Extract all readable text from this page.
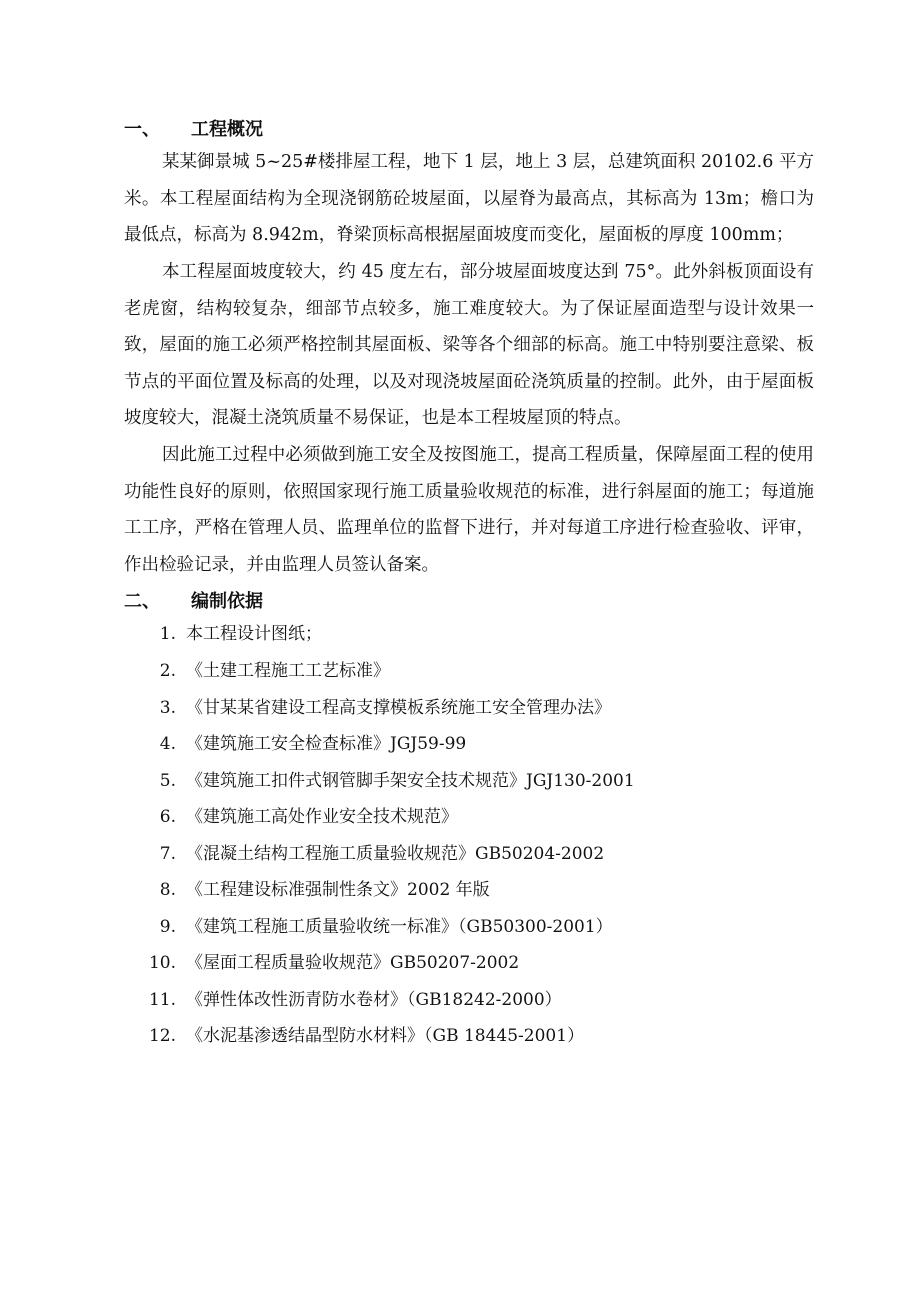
一、 工程概况

某某御景城 5~25#楼排屋工程，地下 1 层，地上 3 层，总建筑面积 20102.6 平方米。本工程屋面结构为全现浇钢筋砼坡屋面，以屋脊为最高点，其标高为 13m；檐口为最低点，标高为 8.942m，脊梁顶标高根据屋面坡度而变化，屋面板的厚度 100mm；

本工程屋面坡度较大，约 45 度左右，部分坡屋面坡度达到 75°。此外斜板顶面设有老虎窗，结构较复杂，细部节点较多，施工难度较大。为了保证屋面造型与设计效果一致，屋面的施工必须严格控制其屋面板、梁等各个细部的标高。施工中特别要注意梁、板节点的平面位置及标高的处理，以及对现浇坡屋面砼浇筑质量的控制。此外，由于屋面板坡度较大，混凝土浇筑质量不易保证，也是本工程坡屋顶的特点。

因此施工过程中必须做到施工安全及按图施工，提高工程质量，保障屋面工程的使用功能性良好的原则，依照国家现行施工质量验收规范的标准，进行斜屋面的施工；每道施工工序，严格在管理人员、监理单位的监督下进行，并对每道工序进行检查验收、评审，作出检验记录，并由监理人员签认备案。

二、 编制依据
1. 本工程设计图纸；
2. 《土建工程施工工艺标准》
3. 《甘某某省建设工程高支撑模板系统施工安全管理办法》
4. 《建筑施工安全检查标准》JGJ59-99
5. 《建筑施工扣件式钢管脚手架安全技术规范》JGJ130-2001
6. 《建筑施工高处作业安全技术规范》
7. 《混凝土结构工程施工质量验收规范》GB50204-2002
8. 《工程建设标准强制性条文》2002 年版
9. 《建筑工程施工质量验收统一标准》（GB50300-2001）
10. 《屋面工程质量验收规范》GB50207-2002
11. 《弹性体改性沥青防水卷材》（GB18242-2000）
12. 《水泥基渗透结晶型防水材料》（GB 18445-2001）
